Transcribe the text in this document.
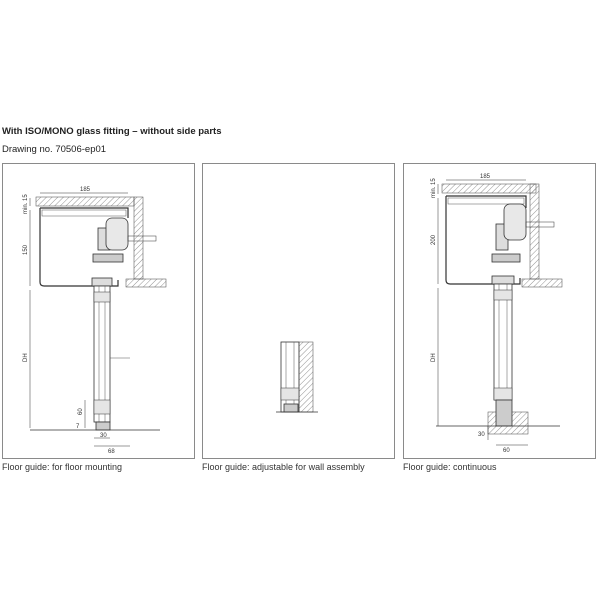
With ISO/MONO glass fitting – without side parts
Drawing no. 70506-ep01
Floor guide: for floor mounting	Floor guide: adjustable for wall assembly	Floor guide: continuous
185
min. 15
150
DH
60
7
30
68
185
min. 15
200
DH
30
60
